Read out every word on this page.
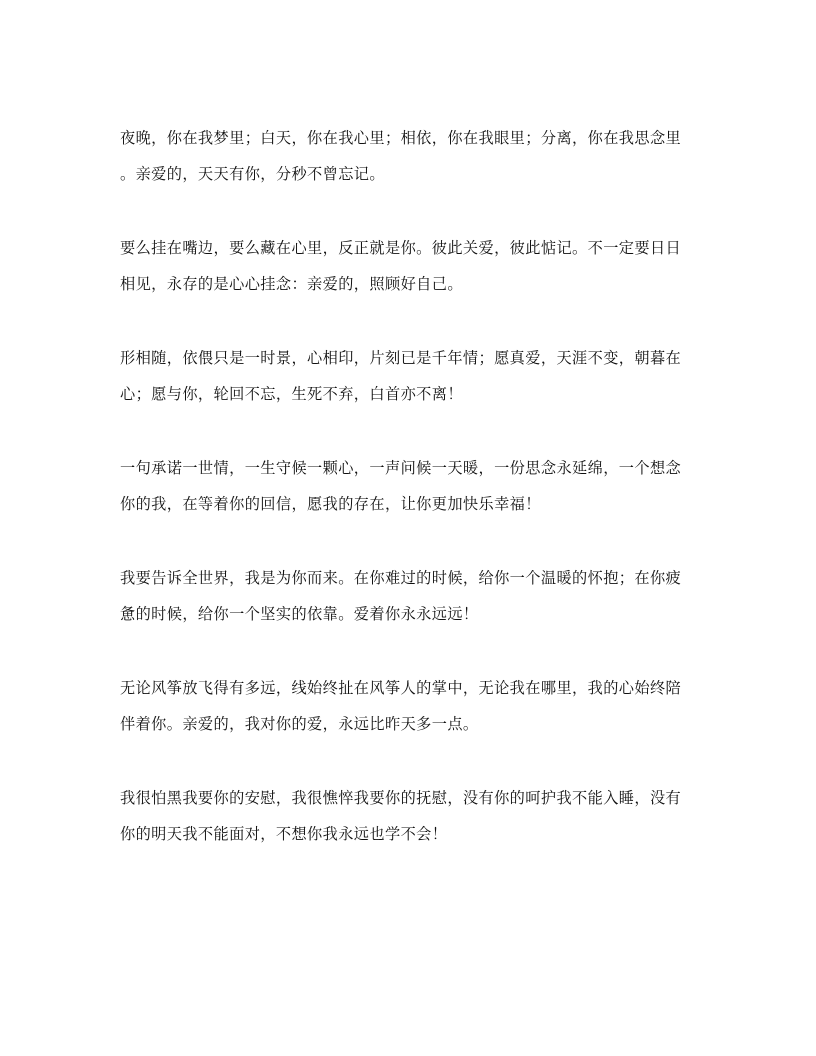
夜晚，你在我梦里；白天，你在我心里；相依，你在我眼里；分离，你在我思念里
。亲爱的，天天有你，分秒不曾忘记。

要么挂在嘴边，要么藏在心里，反正就是你。彼此关爱，彼此惦记。不一定要日日
相见，永存的是心心挂念：亲爱的，照顾好自己。

形相随，依偎只是一时景，心相印，片刻已是千年情；愿真爱，天涯不变，朝暮在
心；愿与你，轮回不忘，生死不弃，白首亦不离！

一句承诺一世情，一生守候一颗心，一声问候一天暖，一份思念永延绵，一个想念
你的我，在等着你的回信，愿我的存在，让你更加快乐幸福！

我要告诉全世界，我是为你而来。在你难过的时候，给你一个温暖的怀抱；在你疲
惫的时候，给你一个坚实的依靠。爱着你永永远远！

无论风筝放飞得有多远，线始终扯在风筝人的掌中，无论我在哪里，我的心始终陪
伴着你。亲爱的，我对你的爱，永远比昨天多一点。

我很怕黑我要你的安慰，我很憔悴我要你的抚慰，没有你的呵护我不能入睡，没有
你的明天我不能面对，不想你我永远也学不会！
